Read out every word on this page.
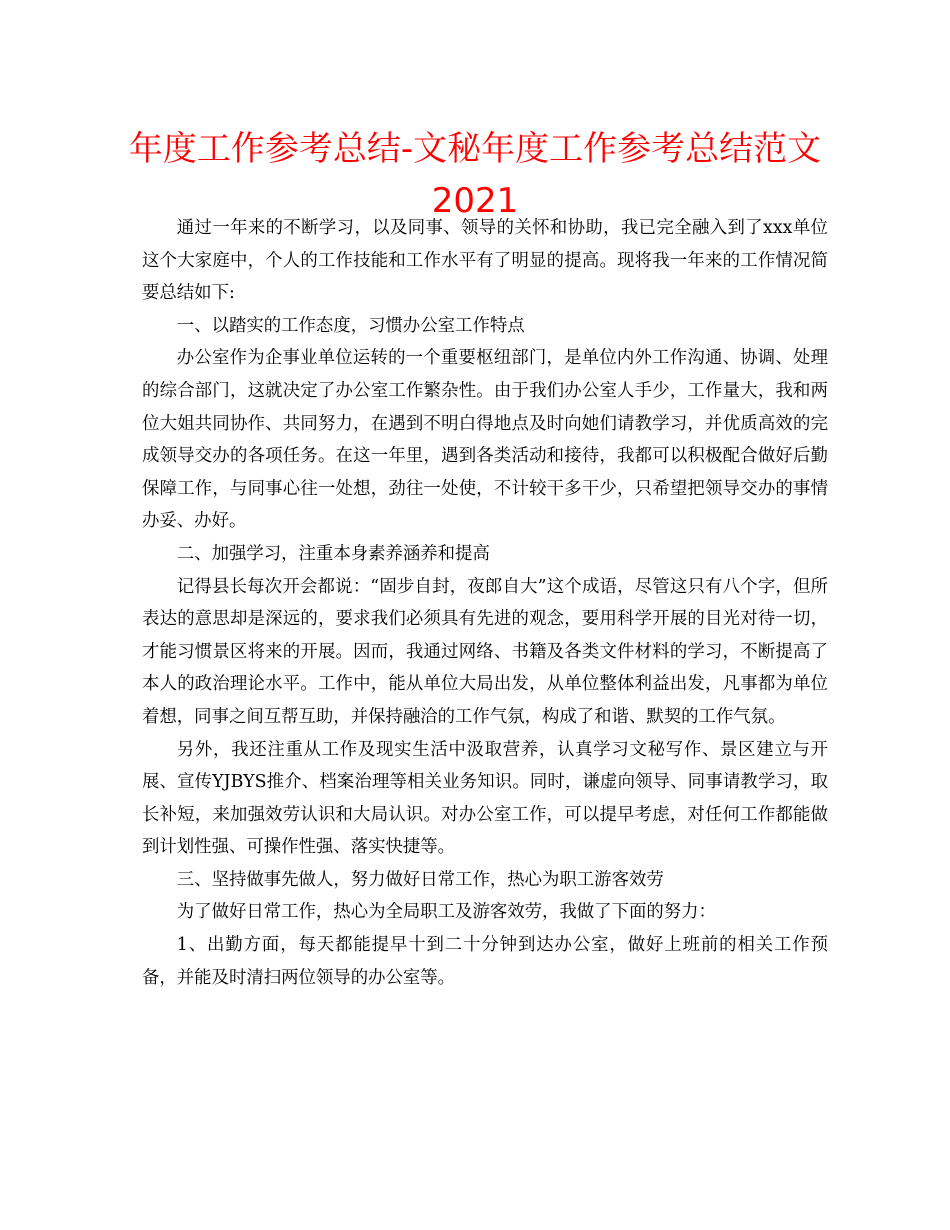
年度工作参考总结-文秘年度工作参考总结范文
2021

通过一年来的不断学习，以及同事、领导的关怀和协助，我已完全融入到了xxx单位这个大家庭中，个人的工作技能和工作水平有了明显的提高。现将我一年来的工作情况简要总结如下:

一、以踏实的工作态度，习惯办公室工作特点

办公室作为企事业单位运转的一个重要枢纽部门，是单位内外工作沟通、协调、处理的综合部门，这就决定了办公室工作繁杂性。由于我们办公室人手少，工作量大，我和两位大姐共同协作、共同努力，在遇到不明白得地点及时向她们请教学习，并优质高效的完成领导交办的各项任务。在这一年里，遇到各类活动和接待，我都可以积极配合做好后勤保障工作，与同事心往一处想，劲往一处使，不计较干多干少，只希望把领导交办的事情办妥、办好。

二、加强学习，注重本身素养涵养和提高

记得县长每次开会都说：“固步自封，夜郎自大”这个成语，尽管这只有八个字，但所表达的意思却是深远的，要求我们必须具有先进的观念，要用科学开展的目光对待一切，才能习惯景区将来的开展。因而，我通过网络、书籍及各类文件材料的学习，不断提高了本人的政治理论水平。工作中，能从单位大局出发，从单位整体利益出发，凡事都为单位着想，同事之间互帮互助，并保持融洽的工作气氛，构成了和谐、默契的工作气氛。

另外，我还注重从工作及现实生活中汲取营养，认真学习文秘写作、景区建立与开展、宣传YJBYS推介、档案治理等相关业务知识。同时，谦虚向领导、同事请教学习，取长补短，来加强效劳认识和大局认识。对办公室工作，可以提早考虑，对任何工作都能做到计划性强、可操作性强、落实快捷等。

三、坚持做事先做人，努力做好日常工作，热心为职工游客效劳

为了做好日常工作，热心为全局职工及游客效劳，我做了下面的努力：

1、出勤方面，每天都能提早十到二十分钟到达办公室，做好上班前的相关工作预备，并能及时清扫两位领导的办公室等。
